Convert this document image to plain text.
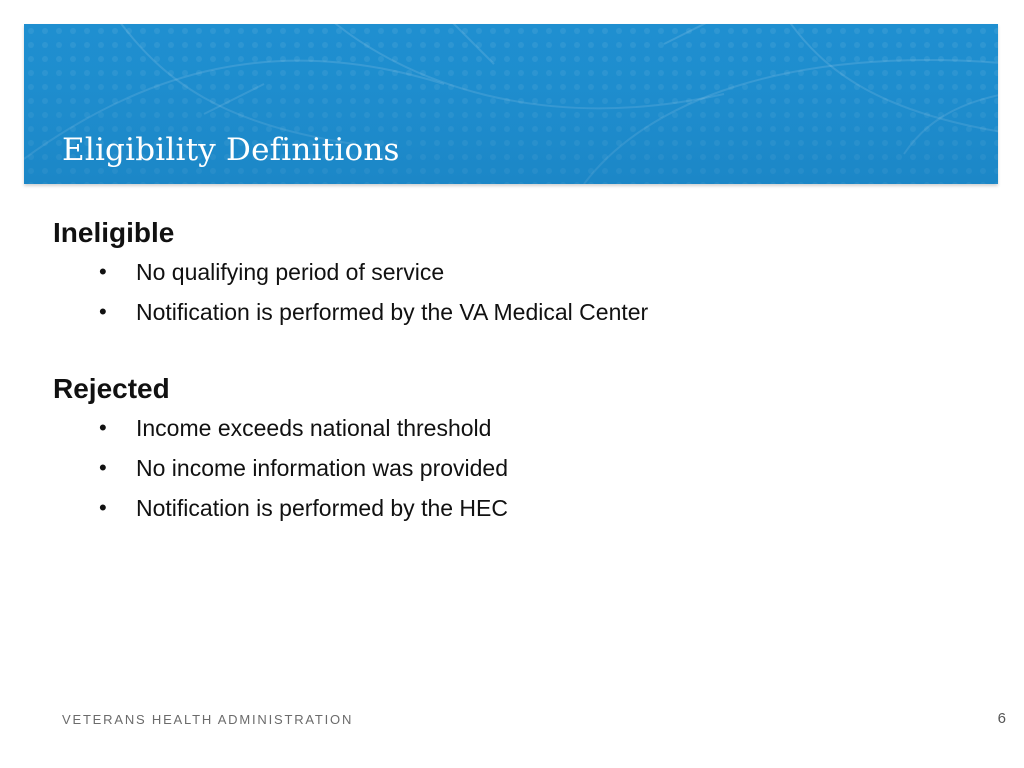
Eligibility Definitions
Ineligible
• No qualifying period of service
• Notification is performed by the VA Medical Center
Rejected
• Income exceeds national threshold
• No income information was provided
• Notification is performed by the HEC
VETERANS HEALTH ADMINISTRATION	6
